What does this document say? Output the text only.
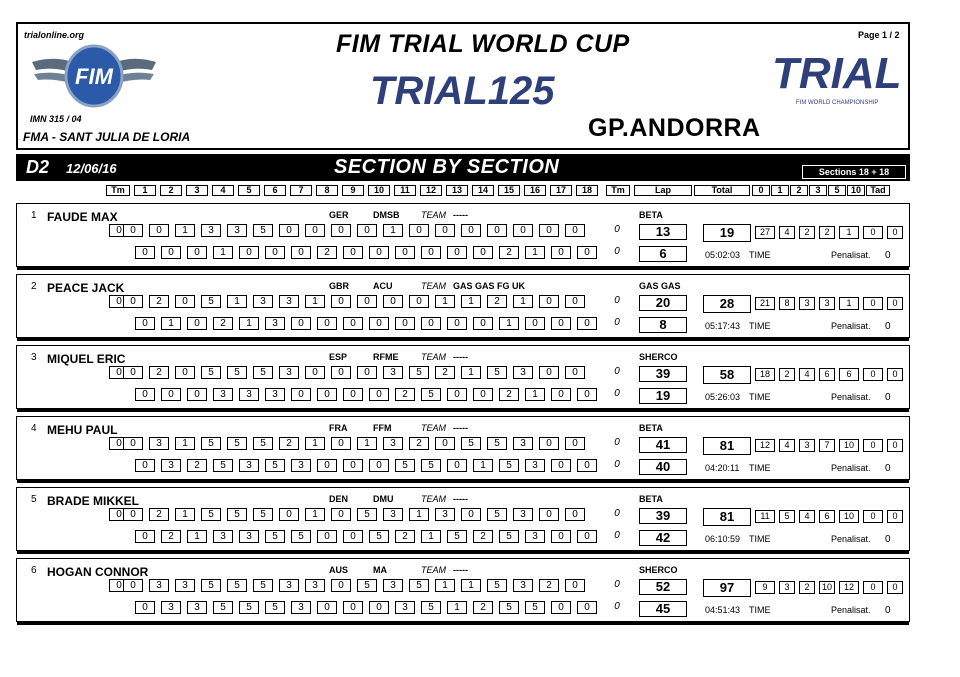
trialonline.org
FIM
IMN 315 / 04
FMA - SANT JULIA DE LORIA
FIM TRIAL WORLD CUP
TRIAL125
Page 1 / 2
TRIAL
FIM WORLD CHAMPIONSHIP
GP.ANDORRA
D2 12/06/16	SECTION BY SECTION	Sections 18 + 18
Tm	1	2	3	4	5	6	7	8	9	10	11	12	13	14	15	16	17	18	Tm	Lap	Total	0	1	2	3	5	10	Tad
1 FAUDE MAX	GER	DMSB TEAM -----	BETA
0 0	0	1	3	3	5	0	0	0	0	1	0	0	0	0	0	0	0	0	13
0	0	0	1	0	0	0	2	0	0	0	0	0	0	2	1	0	0	0	6
19
05:02:03 TIME	Penalisat. 0
27	4	2	2	1	0	0
2 PEACE JACK	GBR	ACU	TEAM GAS GAS FG UK	GAS GAS
0 0	2	0	5	1	3	3	1	0	0	0	0	1	1	2	1	0	0	0	20
0	1	0	2	1	3	0	0	0	0	0	0	0	0	1	0	0	0	0	8
28
05:17:43 TIME	Penalisat. 0
21	8	3	3	1	0	0
3 MIQUEL ERIC	ESP	RFME	TEAM -----	SHERCO
0 0	2	0	5	5	5	3	0	0	0	3	5	2	1	5	3	0	0	0	39
0	0	0	3	3	3	0	0	0	0	2	5	0	0	2	1	0	0	0	19
58
05:26:03 TIME	Penalisat. 0
18	2	4	6	6	0	0
4 MEHU PAUL	FRA	FFM	TEAM -----	BETA
0 0	3	1	5	5	5	2	1	0	1	3	2	0	5	5	3	0	0	0	41
0	3	2	5	3	5	3	0	0	0	5	5	0	1	5	3	0	0	0	40
81
04:20:11 TIME	Penalisat. 0
12	4	3	7	10	0	0
5 BRADE MIKKEL	DEN	DMU	TEAM -----	BETA
0 0	2	1	5	5	5	0	1	0	5	3	1	3	0	5	3	0	0	0	39
0	2	1	3	3	5	5	0	0	5	2	1	5	2	5	3	0	0	0	42
81
06:10:59 TIME	Penalisat. 0
11	5	4	6	10	0	0
6 HOGAN CONNOR	AUS	MA	TEAM -----	SHERCO
0 0	3	3	5	5	5	3	3	0	5	3	5	1	1	5	3	2	0	0	52
0	3	3	5	5	5	3	0	0	0	3	5	1	2	5	5	0	0	0	45
97
04:51:43 TIME	Penalisat. 0
9	3	2	10	12	0	0
